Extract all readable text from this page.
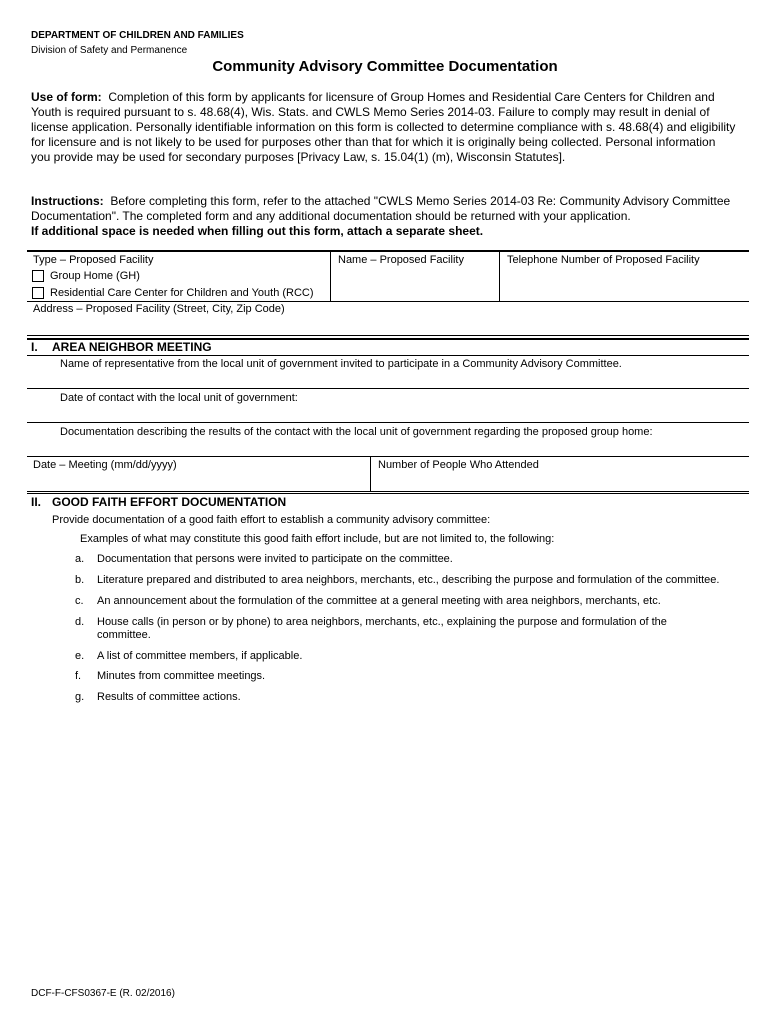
DEPARTMENT OF CHILDREN AND FAMILIES
Division of Safety and Permanence
Community Advisory Committee Documentation
Use of form: Completion of this form by applicants for licensure of Group Homes and Residential Care Centers for Children and Youth is required pursuant to s. 48.68(4), Wis. Stats. and CWLS Memo Series 2014-03. Failure to comply may result in denial of license application. Personally identifiable information on this form is collected to determine compliance with s. 48.68(4) and eligibility for licensure and is not likely to be used for purposes other than that for which it is originally being collected. Personal information you provide may be used for secondary purposes [Privacy Law, s. 15.04(1) (m), Wisconsin Statutes].
Instructions: Before completing this form, refer to the attached "CWLS Memo Series 2014-03 Re: Community Advisory Committee Documentation". The completed form and any additional documentation should be returned with your application.
If additional space is needed when filling out this form, attach a separate sheet.
Type – Proposed Facility
Group Home (GH)
Residential Care Center for Children and Youth (RCC)
Name – Proposed Facility	Telephone Number of Proposed Facility
Address – Proposed Facility (Street, City, Zip Code)
I. AREA NEIGHBOR MEETING
Name of representative from the local unit of government invited to participate in a Community Advisory Committee.
Date of contact with the local unit of government:
Documentation describing the results of the contact with the local unit of government regarding the proposed group home:
Date – Meeting (mm/dd/yyyy)	Number of People Who Attended
II. GOOD FAITH EFFORT DOCUMENTATION
Provide documentation of a good faith effort to establish a community advisory committee:
Examples of what may constitute this good faith effort include, but are not limited to, the following:
a. Documentation that persons were invited to participate on the committee.
b. Literature prepared and distributed to area neighbors, merchants, etc., describing the purpose and formulation of the committee.
c. An announcement about the formulation of the committee at a general meeting with area neighbors, merchants, etc.
d. House calls (in person or by phone) to area neighbors, merchants, etc., explaining the purpose and formulation of the committee.
e. A list of committee members, if applicable.
f. Minutes from committee meetings.
g. Results of committee actions.
DCF-F-CFS0367-E (R. 02/2016)
